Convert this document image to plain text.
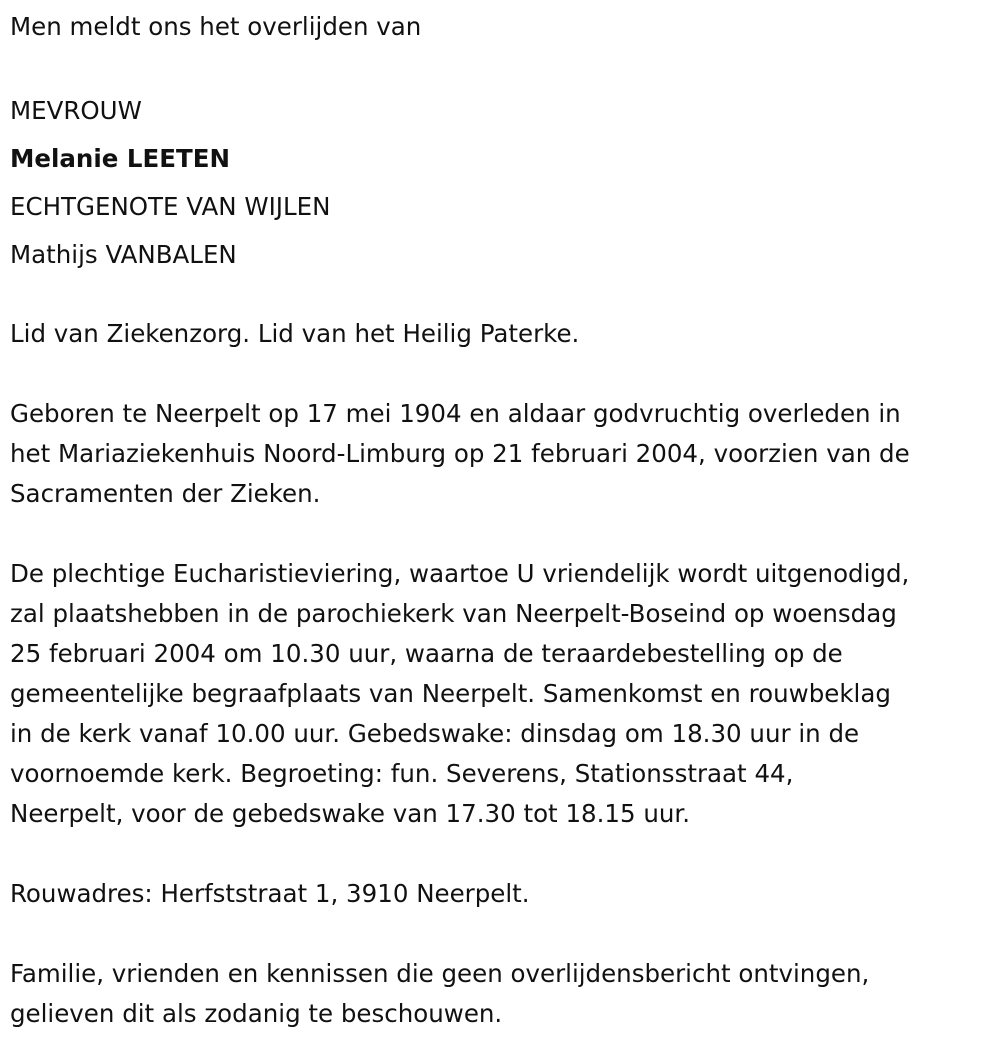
Men meldt ons het overlijden van
MEVROUW
Melanie LEETEN
ECHTGENOTE VAN WIJLEN
Mathijs VANBALEN
Lid van Ziekenzorg. Lid van het Heilig Paterke.
Geboren te Neerpelt op 17 mei 1904 en aldaar godvruchtig overleden in
het Mariaziekenhuis Noord-Limburg op 21 februari 2004, voorzien van de
Sacramenten der Zieken.
De plechtige Eucharistieviering, waartoe U vriendelijk wordt uitgenodigd,
zal plaatshebben in de parochiekerk van Neerpelt-Boseind op woensdag
25 februari 2004 om 10.30 uur, waarna de teraardebestelling op de
gemeentelijke begraafplaats van Neerpelt. Samenkomst en rouwbeklag
in de kerk vanaf 10.00 uur. Gebedswake: dinsdag om 18.30 uur in de
voornoemde kerk. Begroeting: fun. Severens, Stationsstraat 44,
Neerpelt, voor de gebedswake van 17.30 tot 18.15 uur.
Rouwadres: Herfststraat 1, 3910 Neerpelt.
Familie, vrienden en kennissen die geen overlijdensbericht ontvingen,
gelieven dit als zodanig te beschouwen.
